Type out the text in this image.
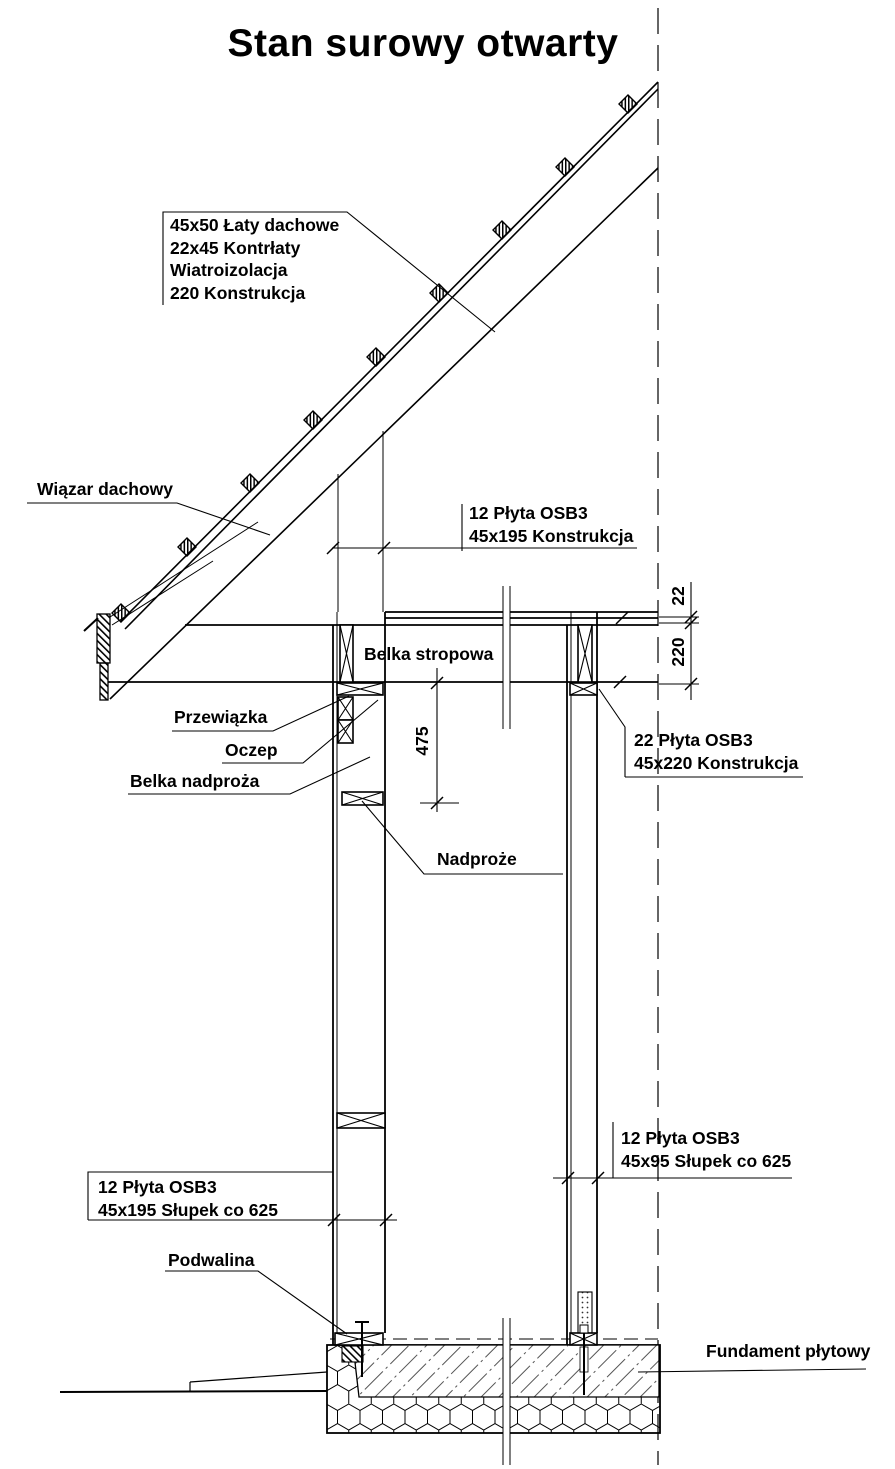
Stan surowy otwarty
45x50 Łaty dachowe
22x45 Kontrłaty
Wiatroizolacja
220 Konstrukcja
Wiązar dachowy
12 Płyta OSB3
45x195 Konstrukcja
Belka stropowa
Przewiązka
Oczep
Belka nadproża
Nadproże
22 Płyta OSB3
45x220 Konstrukcja
12 Płyta OSB3
45x95 Słupek co 625
12 Płyta OSB3
45x195 Słupek co 625
Podwalina
Fundament płytowy
22
220
475
